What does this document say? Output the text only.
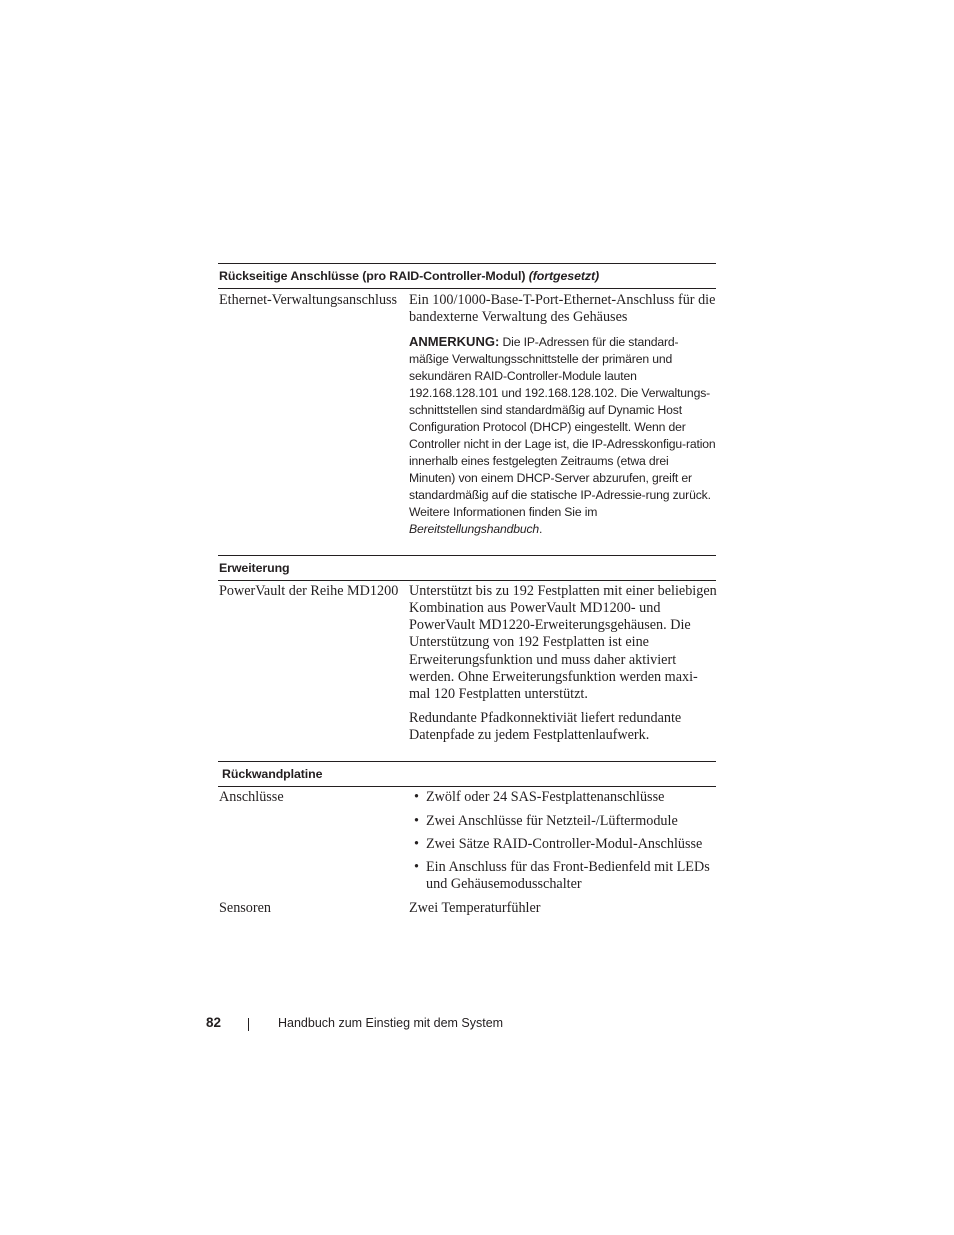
Rückseitige Anschlüsse (pro RAID-Controller-Modul) (fortgesetzt)
Ethernet-Verwaltungsanschluss Ein 100/1000-Base-T-Port-Ethernet-Anschluss für die bandexterne Verwaltung des Gehäuses

ANMERKUNG: Die IP-Adressen für die standard-mäßige Verwaltungsschnittstelle der primären und sekundären RAID-Controller-Module lauten 192.168.128.101 und 192.168.128.102. Die Verwaltungs-schnittstellen sind standardmäßig auf Dynamic Host Configuration Protocol (DHCP) eingestellt. Wenn der Controller nicht in der Lage ist, die IP-Adresskonfigu-ration innerhalb eines festgelegten Zeitraums (etwa drei Minuten) von einem DHCP-Server abzurufen, greift er standardmäßig auf die statische IP-Adressie-rung zurück. Weitere Informationen finden Sie im Bereitstellungshandbuch.
Erweiterung
PowerVault der Reihe MD1200 Unterstützt bis zu 192 Festplatten mit einer beliebigen Kombination aus PowerVault MD1200- und PowerVault MD1220-Erweiterungsgehäusen. Die Unterstützung von 192 Festplatten ist eine Erweiterungsfunktion und muss daher aktiviert werden. Ohne Erweiterungsfunktion werden maxi-mal 120 Festplatten unterstützt.

Redundante Pfadkonnektiviät liefert redundante Datenpfade zu jedem Festplattenlaufwerk.

Rückwandplatine
Anschlüsse
•	Zwölf oder 24 SAS-Festplattenanschlüsse
• Zwei Anschlüsse für Netzteil-/Lüftermodule
• Zwei Sätze RAID-Controller-Modul-Anschlüsse
• Ein Anschluss für das Front-Bedienfeld mit LEDs und Gehäusemodusschalter
Sensoren	Zwei Temperaturfühler
82	Handbuch zum Einstieg mit dem System
